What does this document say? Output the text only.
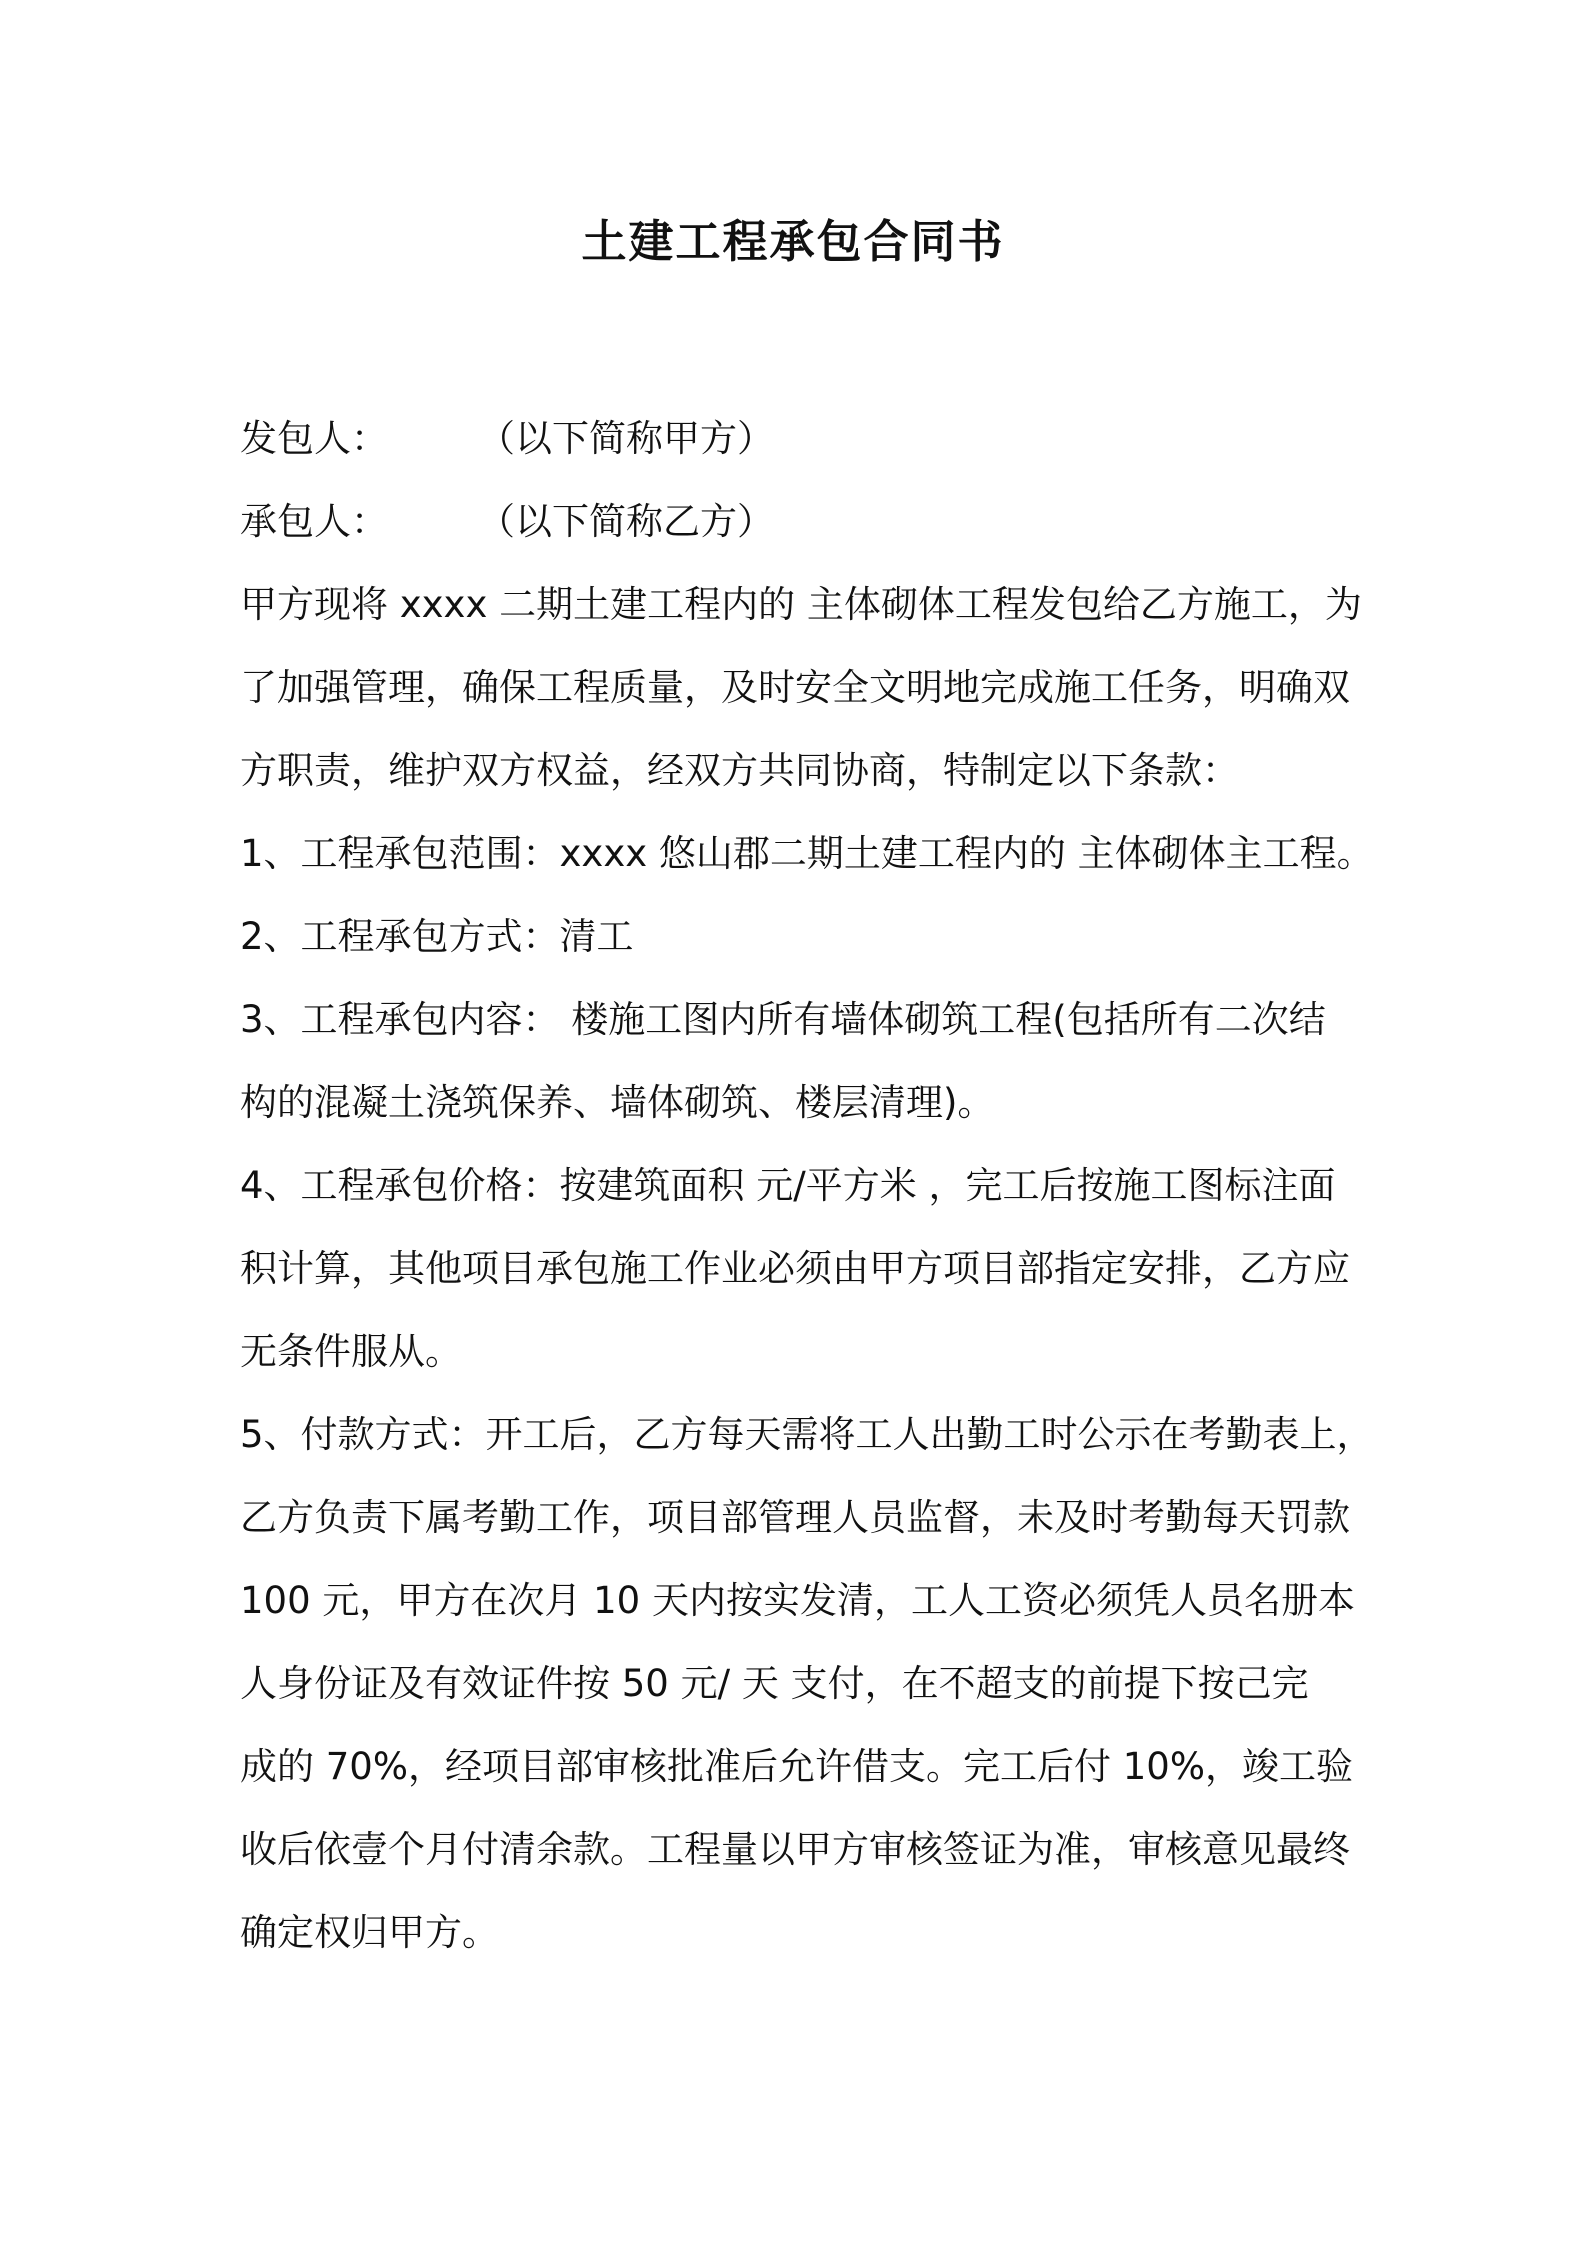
土建工程承包合同书
发包人： （以下简称甲方）
承包人： （以下简称乙方）
甲方现将 xxxx 二期土建工程内的 主体砌体工程发包给乙方施工，为
了加强管理，确保工程质量，及时安全文明地完成施工任务，明确双
方职责，维护双方权益，经双方共同协商，特制定以下条款：
1、工程承包范围：xxxx 悠山郡二期土建工程内的 主体砌体主工程。
2、工程承包方式：清工
3、工程承包内容： 楼施工图内所有墙体砌筑工程(包括所有二次结
构的混凝土浇筑保养、墙体砌筑、楼层清理)。
4、工程承包价格：按建筑面积 元/平方米 ，完工后按施工图标注面
积计算，其他项目承包施工作业必须由甲方项目部指定安排，乙方应
无条件服从。
5、付款方式：开工后，乙方每天需将工人出勤工时公示在考勤表上，
乙方负责下属考勤工作，项目部管理人员监督，未及时考勤每天罚款
100 元，甲方在次月 10 天内按实发清，工人工资必须凭人员名册本
人身份证及有效证件按 50 元/ 天 支付，在不超支的前提下按己完
成的 70%，经项目部审核批准后允许借支。完工后付 10%，竣工验
收后依壹个月付清余款。工程量以甲方审核签证为准，审核意见最终
确定权归甲方。
